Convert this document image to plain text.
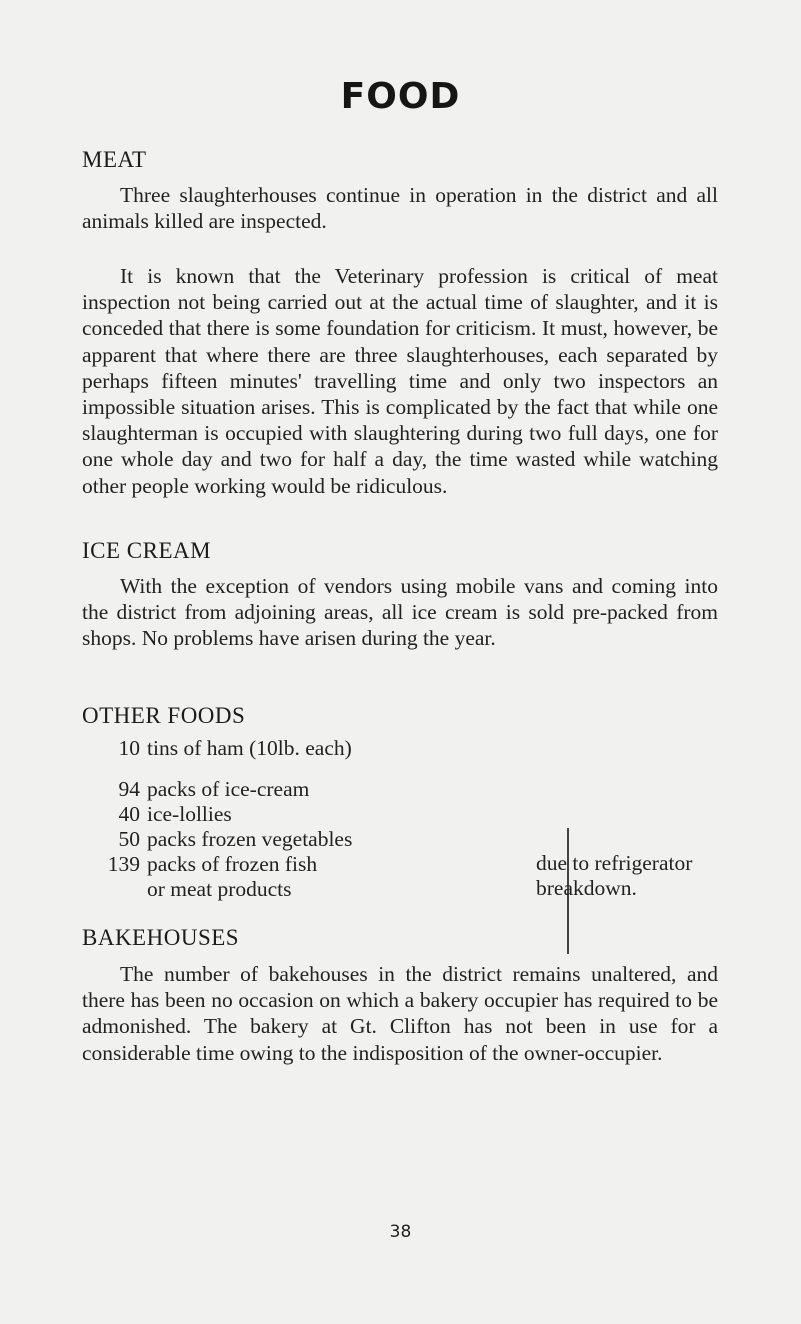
FOOD
MEAT
Three slaughterhouses continue in operation in the district and all animals killed are inspected.
It is known that the Veterinary profession is critical of meat inspection not being carried out at the actual time of slaughter, and it is conceded that there is some foundation for criticism. It must, however, be apparent that where there are three slaughterhouses, each separated by perhaps fifteen minutes' travelling time and only two inspectors an impossible situation arises. This is complicated by the fact that while one slaughterman is occupied with slaughtering during two full days, one for one whole day and two for half a day, the time wasted while watching other people working would be ridiculous.
ICE CREAM
With the exception of vendors using mobile vans and coming into the district from adjoining areas, all ice cream is sold pre-packed from shops. No problems have arisen during the year.
OTHER FOODS
10 tins of ham (10lb. each)
94 packs of ice-cream
40 ice-lollies
50 packs frozen vegetables
139 packs of frozen fish
or meat products
due to refrigerator
breakdown.
BAKEHOUSES
The number of bakehouses in the district remains unaltered, and there has been no occasion on which a bakery occupier has required to be admonished. The bakery at Gt. Clifton has not been in use for a considerable time owing to the indisposition of the owner-occupier.
38
